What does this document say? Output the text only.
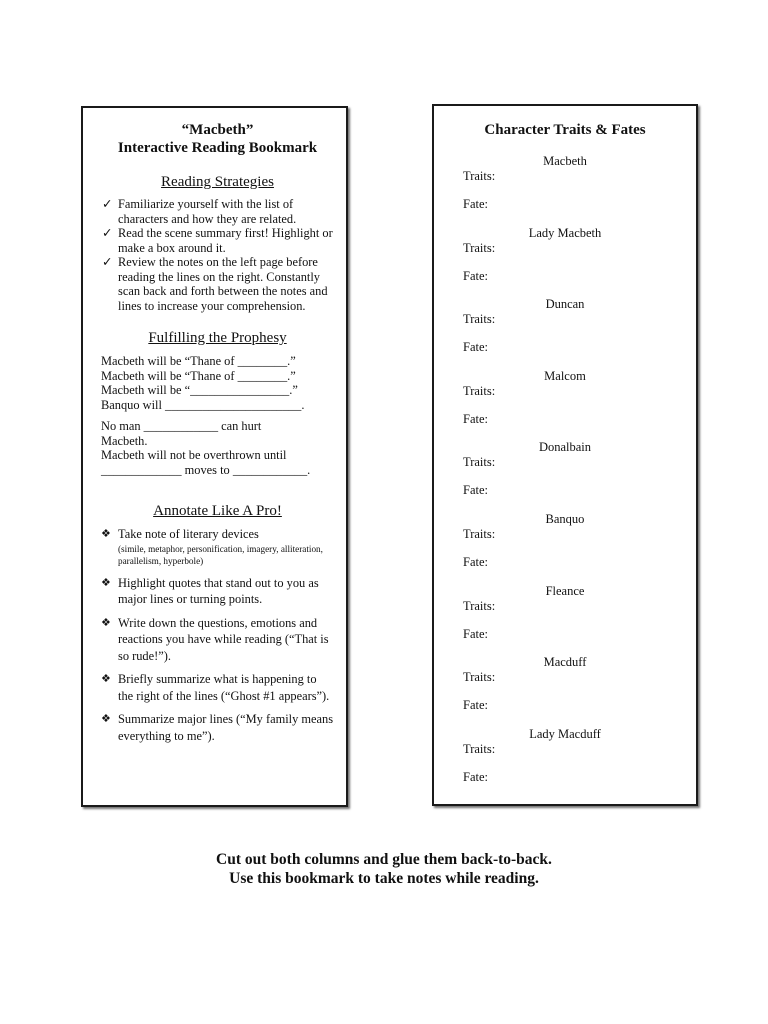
“Macbeth”
Interactive Reading Bookmark
Reading Strategies
✓ Familiarize yourself with the list of characters and how they are related.
✓ Read the scene summary first! Highlight or make a box around it.
✓ Review the notes on the left page before reading the lines on the right. Constantly scan back and forth between the notes and lines to increase your comprehension.
Fulfilling the Prophesy
Macbeth will be “Thane of ________.”
Macbeth will be “Thane of ________.”
Macbeth will be “________________.”
Banquo will ______________________.
No man ____________ can hurt
Macbeth.
Macbeth will not be overthrown until
_____________ moves to ____________.
Annotate Like A Pro!
❖ Take note of literary devices
(simile, metaphor, personification, imagery, alliteration, parallelism, hyperbole)
❖ Highlight quotes that stand out to you as major lines or turning points.
❖ Write down the questions, emotions and reactions you have while reading (“That is so rude!”).
❖ Briefly summarize what is happening to the right of the lines (“Ghost #1 appears”).
❖ Summarize major lines (“My family means everything to me”).
Character Traits & Fates
Macbeth
Traits:
Fate:
Lady Macbeth
Traits:
Fate:
Duncan
Traits:
Fate:
Malcom
Traits:
Fate:
Donalbain
Traits:
Fate:
Banquo
Traits:
Fate:
Fleance
Traits:
Fate:
Macduff
Traits:
Fate:
Lady Macduff
Traits:
Fate:
Cut out both columns and glue them back-to-back.
Use this bookmark to take notes while reading.
